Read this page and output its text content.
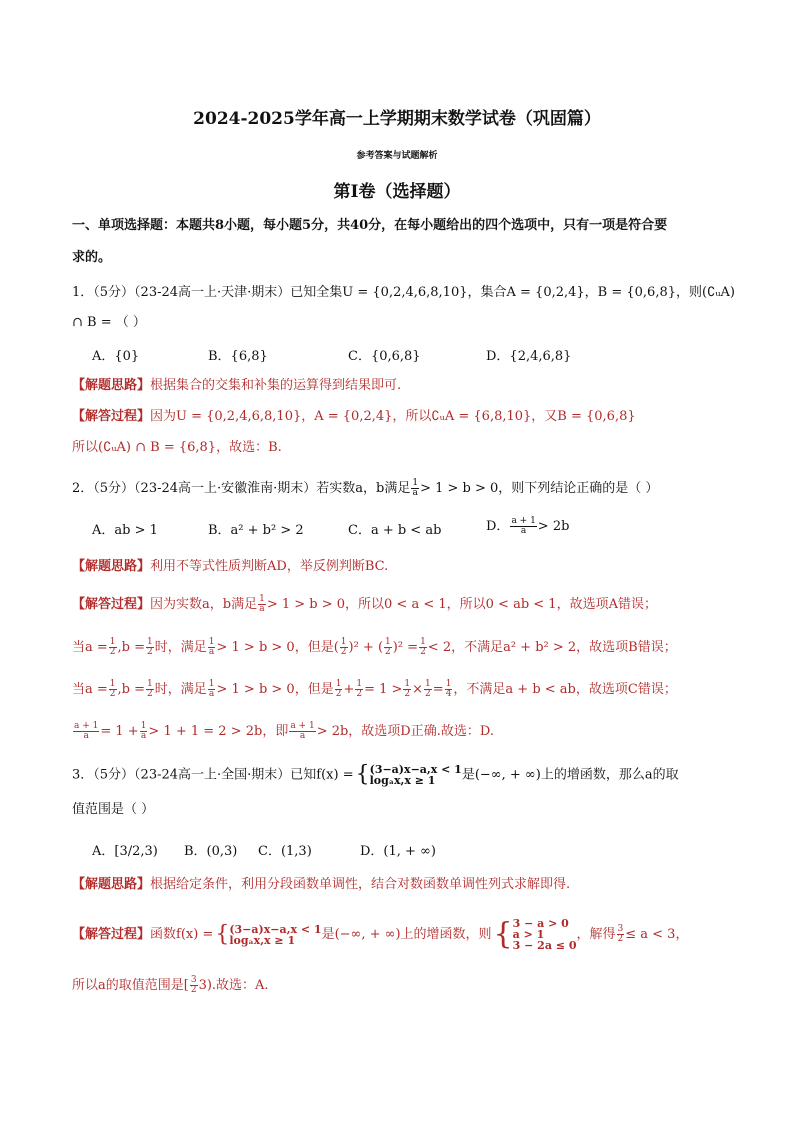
2024-2025学年高一上学期期末数学试卷（巩固篇）
参考答案与试题解析
第I卷（选择题）
一、单项选择题：本题共8小题，每小题5分，共40分，在每小题给出的四个选项中，只有一项是符合要
求的。
1．（5分）（23-24高一上·天津·期末）已知全集U = {0,2,4,6,8,10}，集合A = {0,2,4}，B = {0,6,8}，则(∁ᵤA)
∩ B = （ ）
A．{0}	B．{6,8}	C．{0,6,8}	D．{2,4,6,8}
【解题思路】根据集合的交集和补集的运算得到结果即可.
【解答过程】因为U = {0,2,4,6,8,10}，A = {0,2,4}，所以∁ᵤA = {6,8,10}，又B = {0,6,8}
所以(∁ᵤA) ∩ B = {6,8}，故选：B.
2．（5分）（23-24高一上·安徽淮南·期末）若实数a，b满足 $\frac{1}{a} > 1 > b > 0$，则下列结论正确的是（ ）
A．ab > 1	B．a² + b² > 2	C．a + b < ab	D． $\frac{a + 1}{a} > 2b$
【解题思路】利用不等式性质判断AD，举反例判断BC.
【解答过程】因为实数a，b满足 $\frac{1}{a} > 1 > b > 0$，所以0 < a < 1，所以0 < ab < 1，故选项A错误；
当$a = \frac{1}{2} ,b = \frac{1}{2}$ 时，满足 $\frac{1}{a} > 1 > b > 0$，但是( $\frac{1}{2} )^2$ + ( $\frac{1}{2} )^2 = \frac{1}{2} < 2$，不满足a² + b² > 2，故选项B错误；
当$a = \frac{1}{2} ,b = \frac{1}{2}$ 时，满足 $\frac{1}{a} > 1 > b > 0$，但是 $\frac{1}{2} + \frac{1}{2} = 1 > \frac{1}{2} \times \frac{1}{2} = \frac{1}{4}$ ，不满足a + b < ab，故选项C错误；
$\frac{a + 1}{a} = 1 + \frac{1}{a} > 1 + 1 = 2 > 2b$，即 $\frac{a + 1}{a} > 2b$，故选项D正确.故选：D.
3．（5分）（23-24高一上·全国·期末）已知f(x) ={ (3−a)x−a,x < 1
logₐx,x ≥ 1	是(−∞, + ∞)上的增函数，那么a的取
值范围是（ ）
A．[3/2,3) B．(0,3) C．(1,3)	D．(1, + ∞)
【解题思路】根据给定条件，利用分段函数单调性，结合对数函数单调性列式求解即得.
【解答过程】函数f(x) ={ (3−a)x−a,x < 1
logₐx,x ≥ 1	是(−∞, + ∞)上的增函数，则{ 3 − a > 0
a > 1
3 − 2a ≤ 0
，解得 $\frac{3}{2} \le a < 3$，
所以a的取值范围是[ $\frac{3}{2} 3$).故选：A.
